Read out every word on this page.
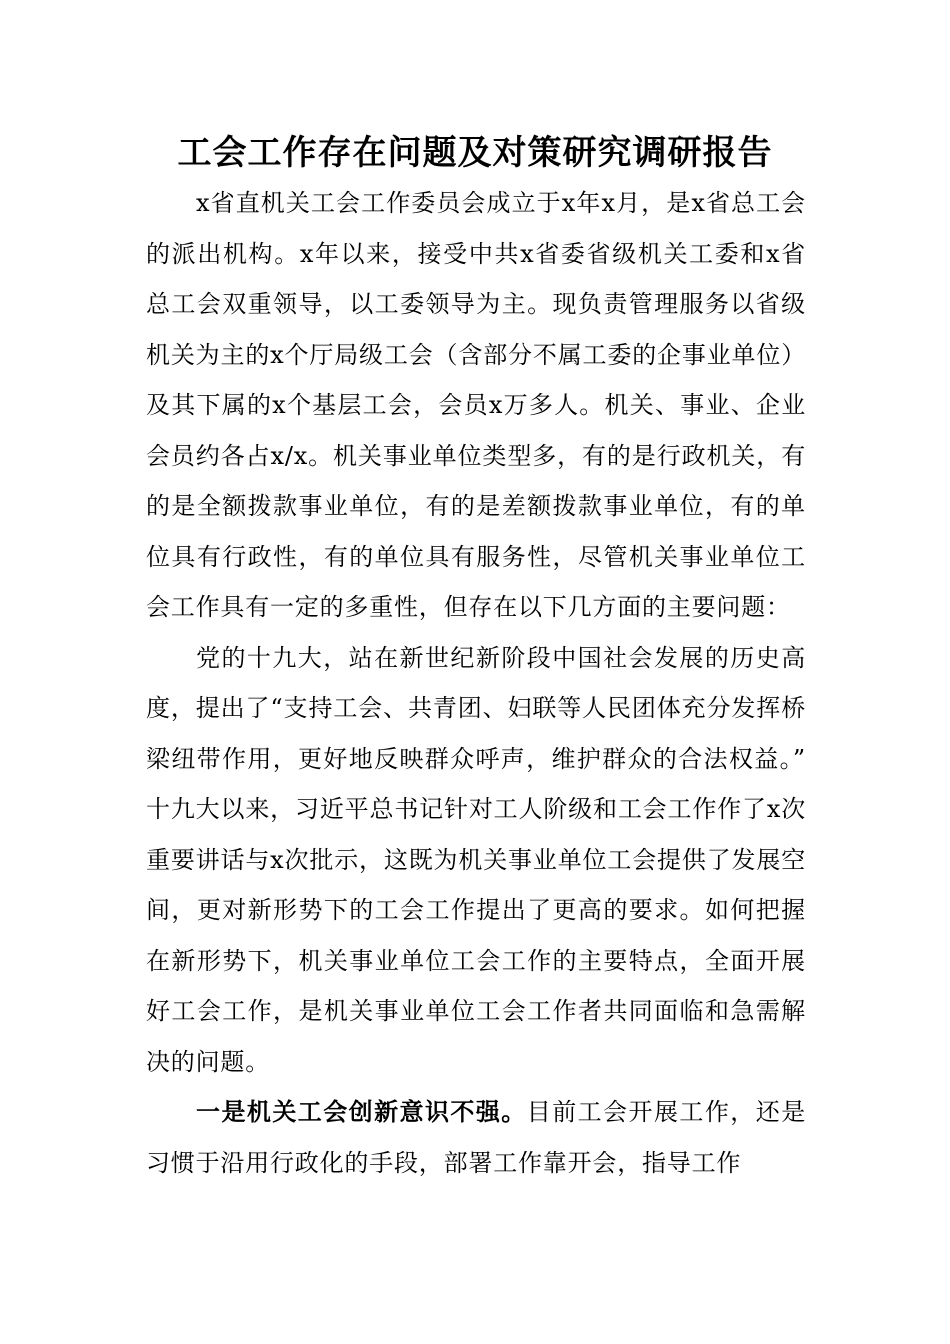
工会工作存在问题及对策研究调研报告

x省直机关工会工作委员会成立于x年x月，是x省总工会的派出机构。x年以来，接受中共x省委省级机关工委和x省总工会双重领导，以工委领导为主。现负责管理服务以省级机关为主的x个厅局级工会（含部分不属工委的企事业单位）及其下属的x个基层工会，会员x万多人。机关、事业、企业会员约各占x/x。机关事业单位类型多，有的是行政机关，有的是全额拨款事业单位，有的是差额拨款事业单位，有的单位具有行政性，有的单位具有服务性，尽管机关事业单位工会工作具有一定的多重性，但存在以下几方面的主要问题：

党的十九大，站在新世纪新阶段中国社会发展的历史高度，提出了“支持工会、共青团、妇联等人民团体充分发挥桥梁纽带作用，更好地反映群众呼声，维护群众的合法权益。” 十九大以来，习近平总书记针对工人阶级和工会工作作了x次重要讲话与x次批示，这既为机关事业单位工会提供了发展空间，更对新形势下的工会工作提出了更高的要求。如何把握在新形势下，机关事业单位工会工作的主要特点，全面开展好工会工作，是机关事业单位工会工作者共同面临和急需解决的问题。

一是机关工会创新意识不强。目前工会开展工作，还是习惯于沿用行政化的手段，部署工作靠开会，指导工作
